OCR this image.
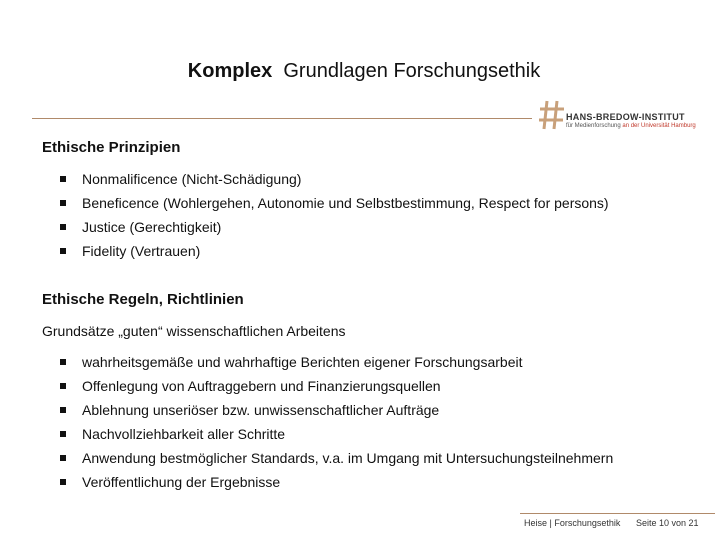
Komplex Grundlagen Forschungsethik
HANS-BREDOW-INSTITUT
für Medienforschung an der Universität Hamburg
Ethische Prinzipien
Nonmalificence (Nicht-Schädigung)
Beneficence (Wohlergehen, Autonomie und Selbstbestimmung, Respect for persons)
Justice (Gerechtigkeit)
Fidelity (Vertrauen)
Ethische Regeln, Richtlinien
Grundsätze „guten“ wissenschaftlichen Arbeitens
wahrheitsgemäße und wahrhaftige Berichten eigener Forschungsarbeit
Offenlegung von Auftraggebern und Finanzierungsquellen
Ablehnung unseriöser bzw. unwissenschaftlicher Aufträge
Nachvollziehbarkeit aller Schritte
Anwendung bestmöglicher Standards, v.a. im Umgang mit Untersuchungsteilnehmern
Veröffentlichung der Ergebnisse
Heise | Forschungsethik Seite 10 von 21
